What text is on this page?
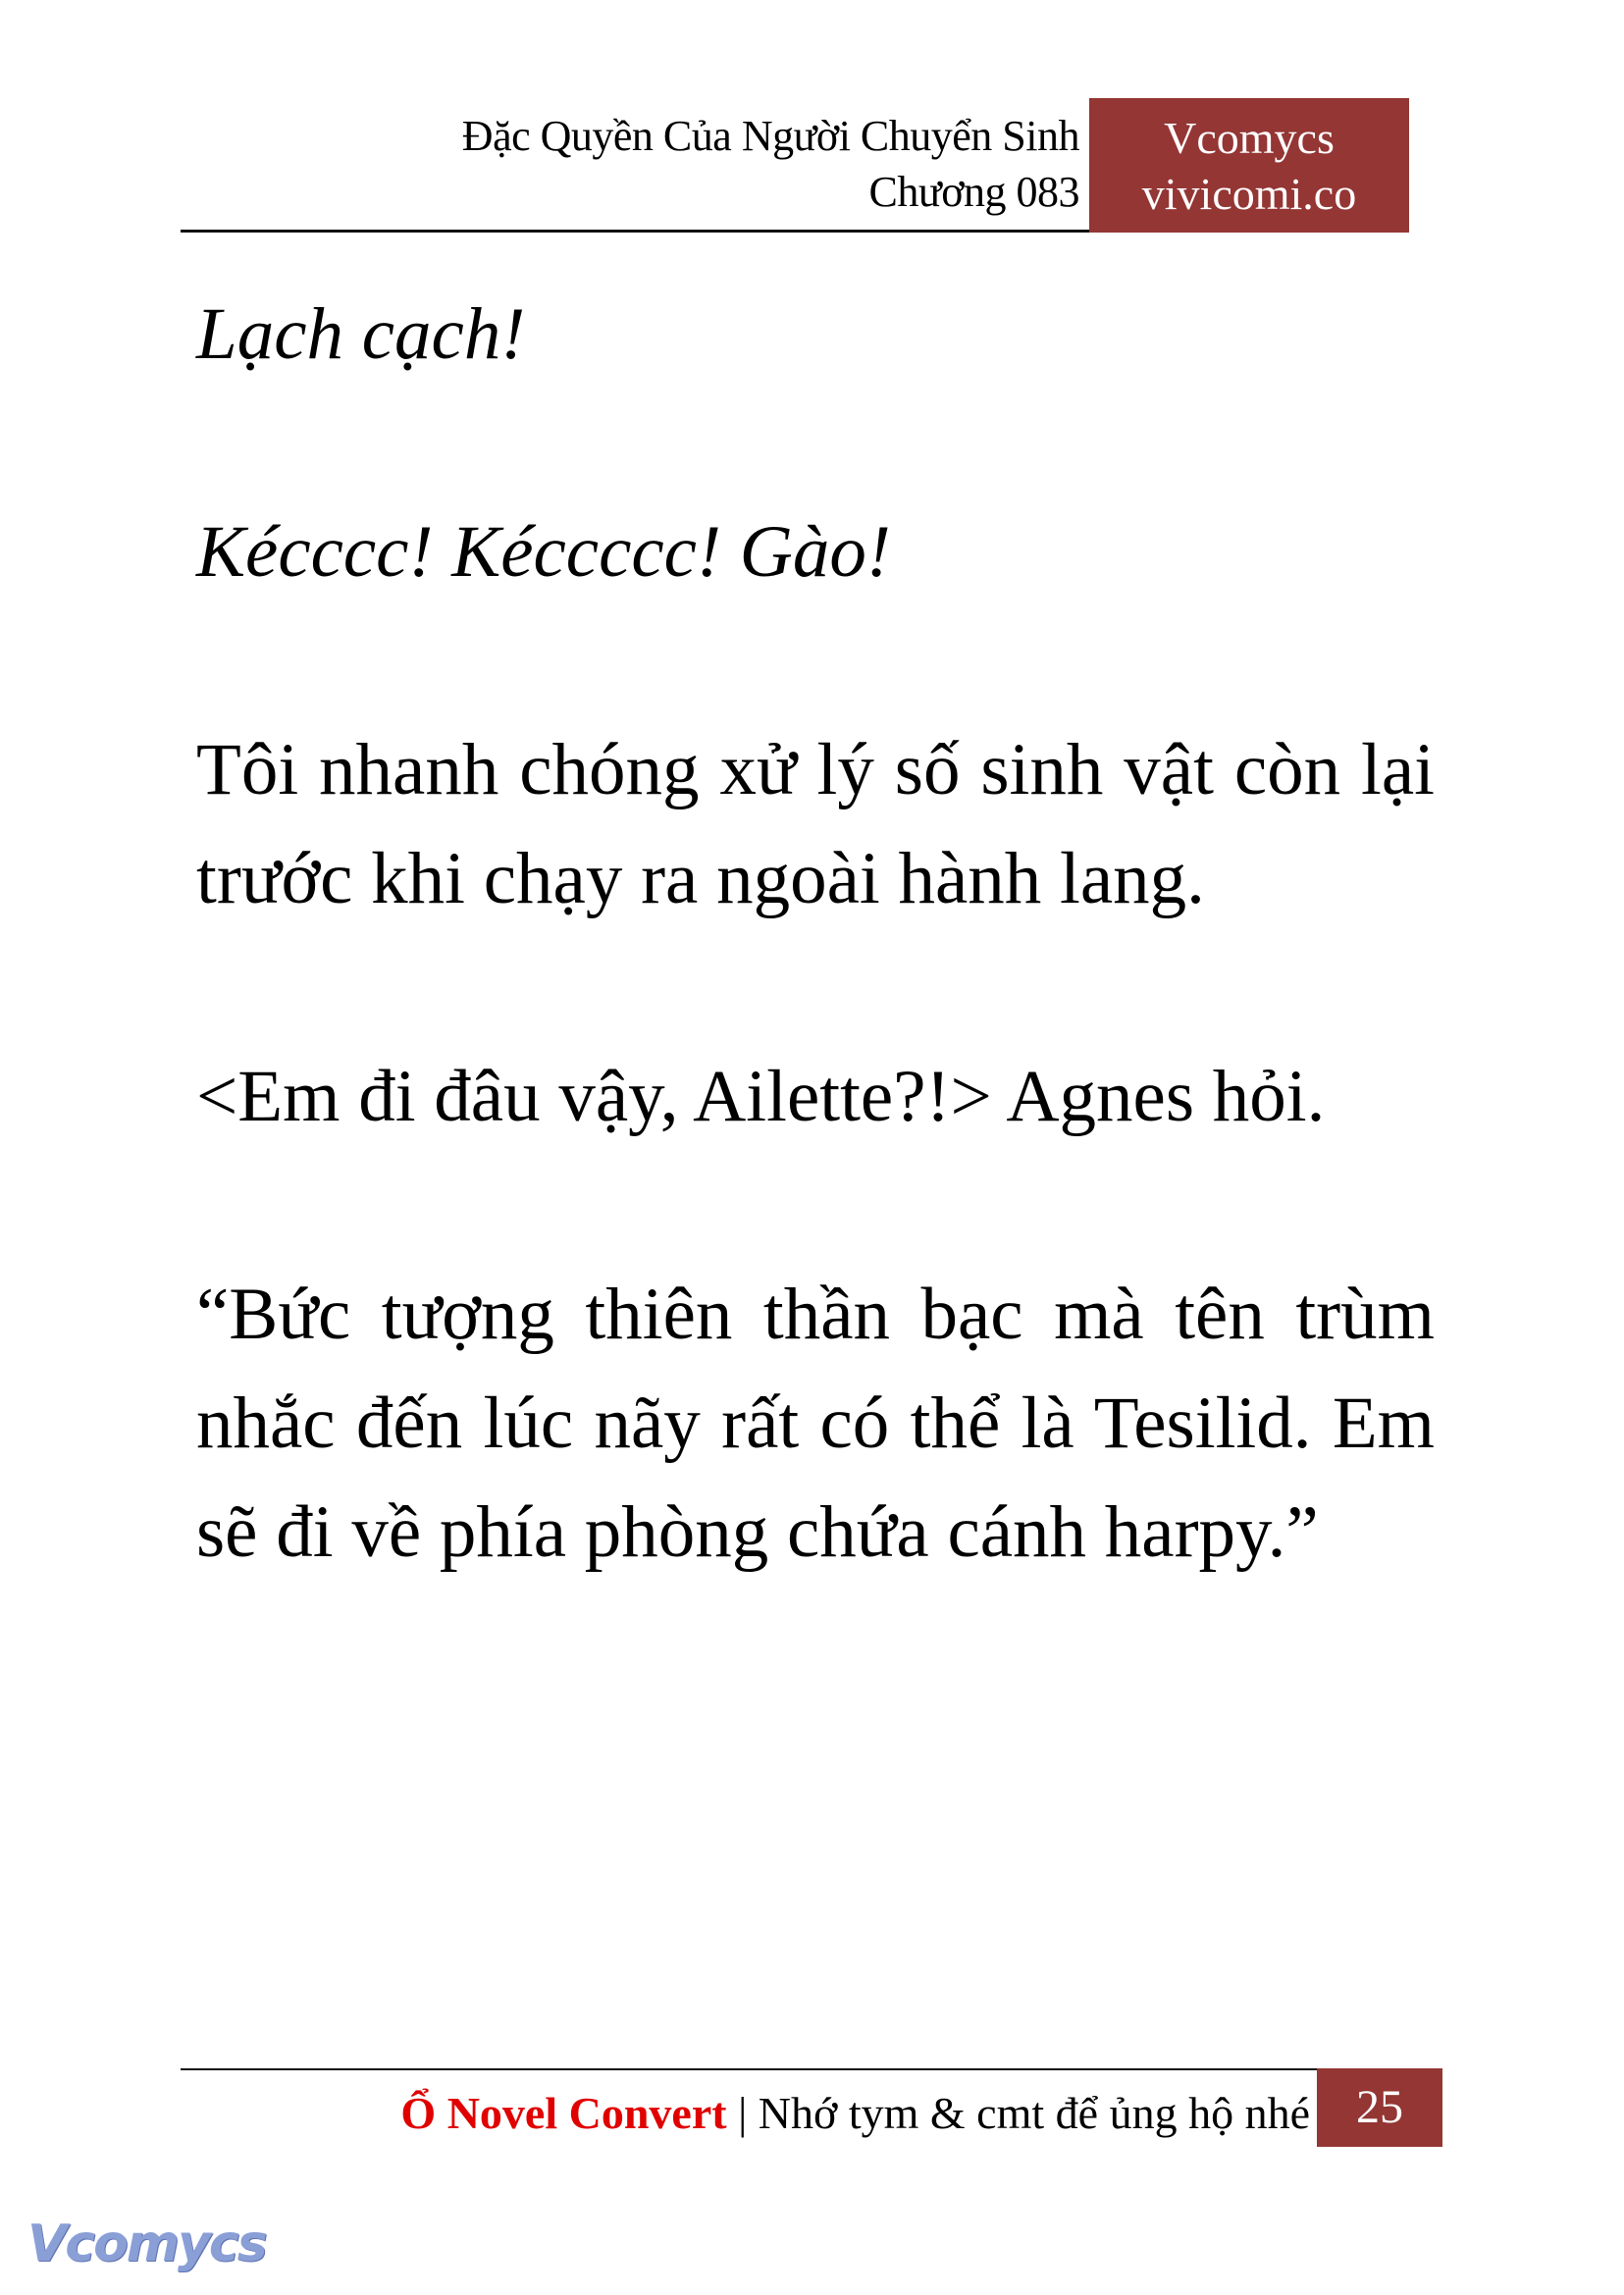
Đặc Quyền Của Người Chuyển Sinh
Chương 083
Vcomycs
vivicomi.co

Lạch cạch!

Kécccc! Kéccccc! Gào!

Tôi nhanh chóng xử lý số sinh vật còn lại trước khi chạy ra ngoài hành lang.

<Em đi đâu vậy, Ailette?!> Agnes hỏi.

“Bức tượng thiên thần bạc mà tên trùm nhắc đến lúc nãy rất có thể là Tesilid. Em sẽ đi về phía phòng chứa cánh harpy.”

Ổ Novel Convert | Nhớ tym & cmt để ủng hộ nhé 25
Vcomycs
